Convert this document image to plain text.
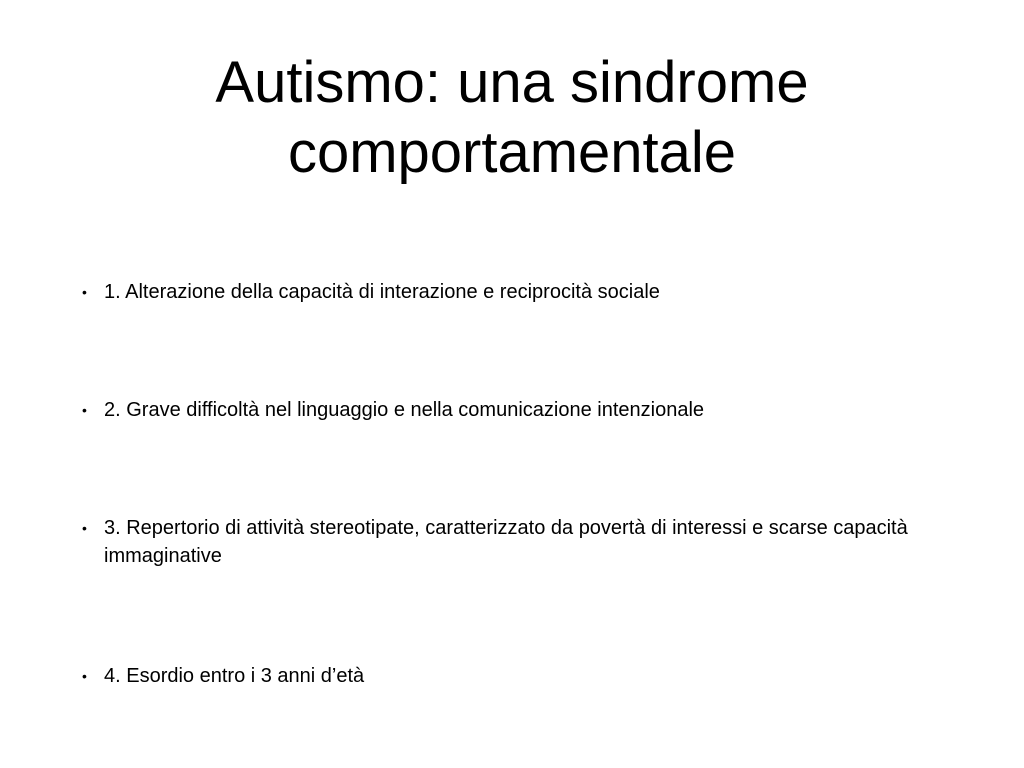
Autismo: una sindrome
comportamentale
• 1. Alterazione della capacità di interazione e reciprocità sociale
• 2. Grave difficoltà nel linguaggio e nella comunicazione intenzionale
• 3. Repertorio di attività stereotipate, caratterizzato da povertà di interessi e scarse capacità immaginative
• 4. Esordio entro i 3 anni d’età
